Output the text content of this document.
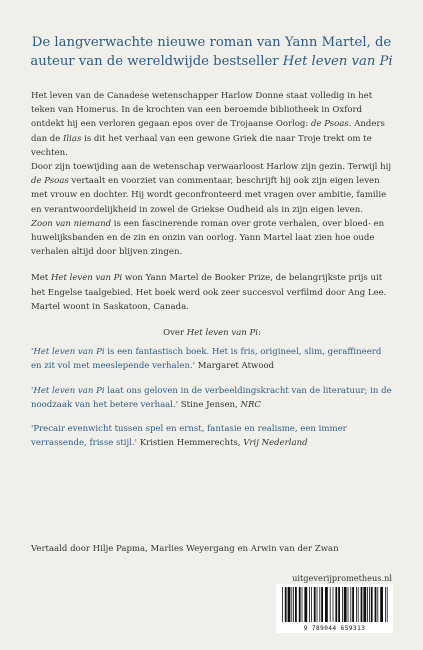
De langverwachte nieuwe roman van Yann Martel, de
auteur van de wereldwijde bestseller Het leven van Pi

Het leven van de Canadese wetenschapper Harlow Donne staat volledig in het teken van Homerus. In de krochten van een beroemde bibliotheek in Oxford ontdekt hij een verloren gegaan epos over de Trojaanse Oorlog: de Psoas. Anders dan de Ilias is dit het verhaal van een gewone Griek die naar Troje trekt om te vechten.

Door zijn toewijding aan de wetenschap verwaarloost Harlow zijn gezin. Terwijl hij de Psoas vertaalt en voorziet van commentaar, beschrijft hij ook zijn eigen leven met vrouw en dochter. Hij wordt geconfronteerd met vragen over ambitie, familie en verantwoordelijkheid in zowel de Griekse Oudheid als in zijn eigen leven.

Zoon van niemand is een fascinerende roman over grote verhalen, over bloed- en huwelijksbanden en de zin en onzin van oorlog. Yann Martel laat zien hoe oude verhalen altijd door blijven zingen.

Met Het leven van Pi won Yann Martel de Booker Prize, de belangrijkste prijs uit het Engelse taalgebied. Het boek werd ook zeer succesvol verfilmd door Ang Lee. Martel woont in Saskatoon, Canada.

Over Het leven van Pi:

'Het leven van Pi is een fantastisch boek. Het is fris, origineel, slim, geraffineerd en zit vol met meeslepende verhalen.' Margaret Atwood

'Het leven van Pi laat ons geloven in de verbeeldingskracht van de literatuur; in de noodzaak van het betere verhaal.' Stine Jensen, NRC

'Precair evenwicht tussen spel en ernst, fantasie en realisme, een immer verrassende, frisse stijl.' Kristien Hemmerechts, Vrij Nederland

Vertaald door Hilje Papma, Marlies Weyergang en Arwin van der Zwan
uitgeverijprometheus.nl
9 789044 659313
